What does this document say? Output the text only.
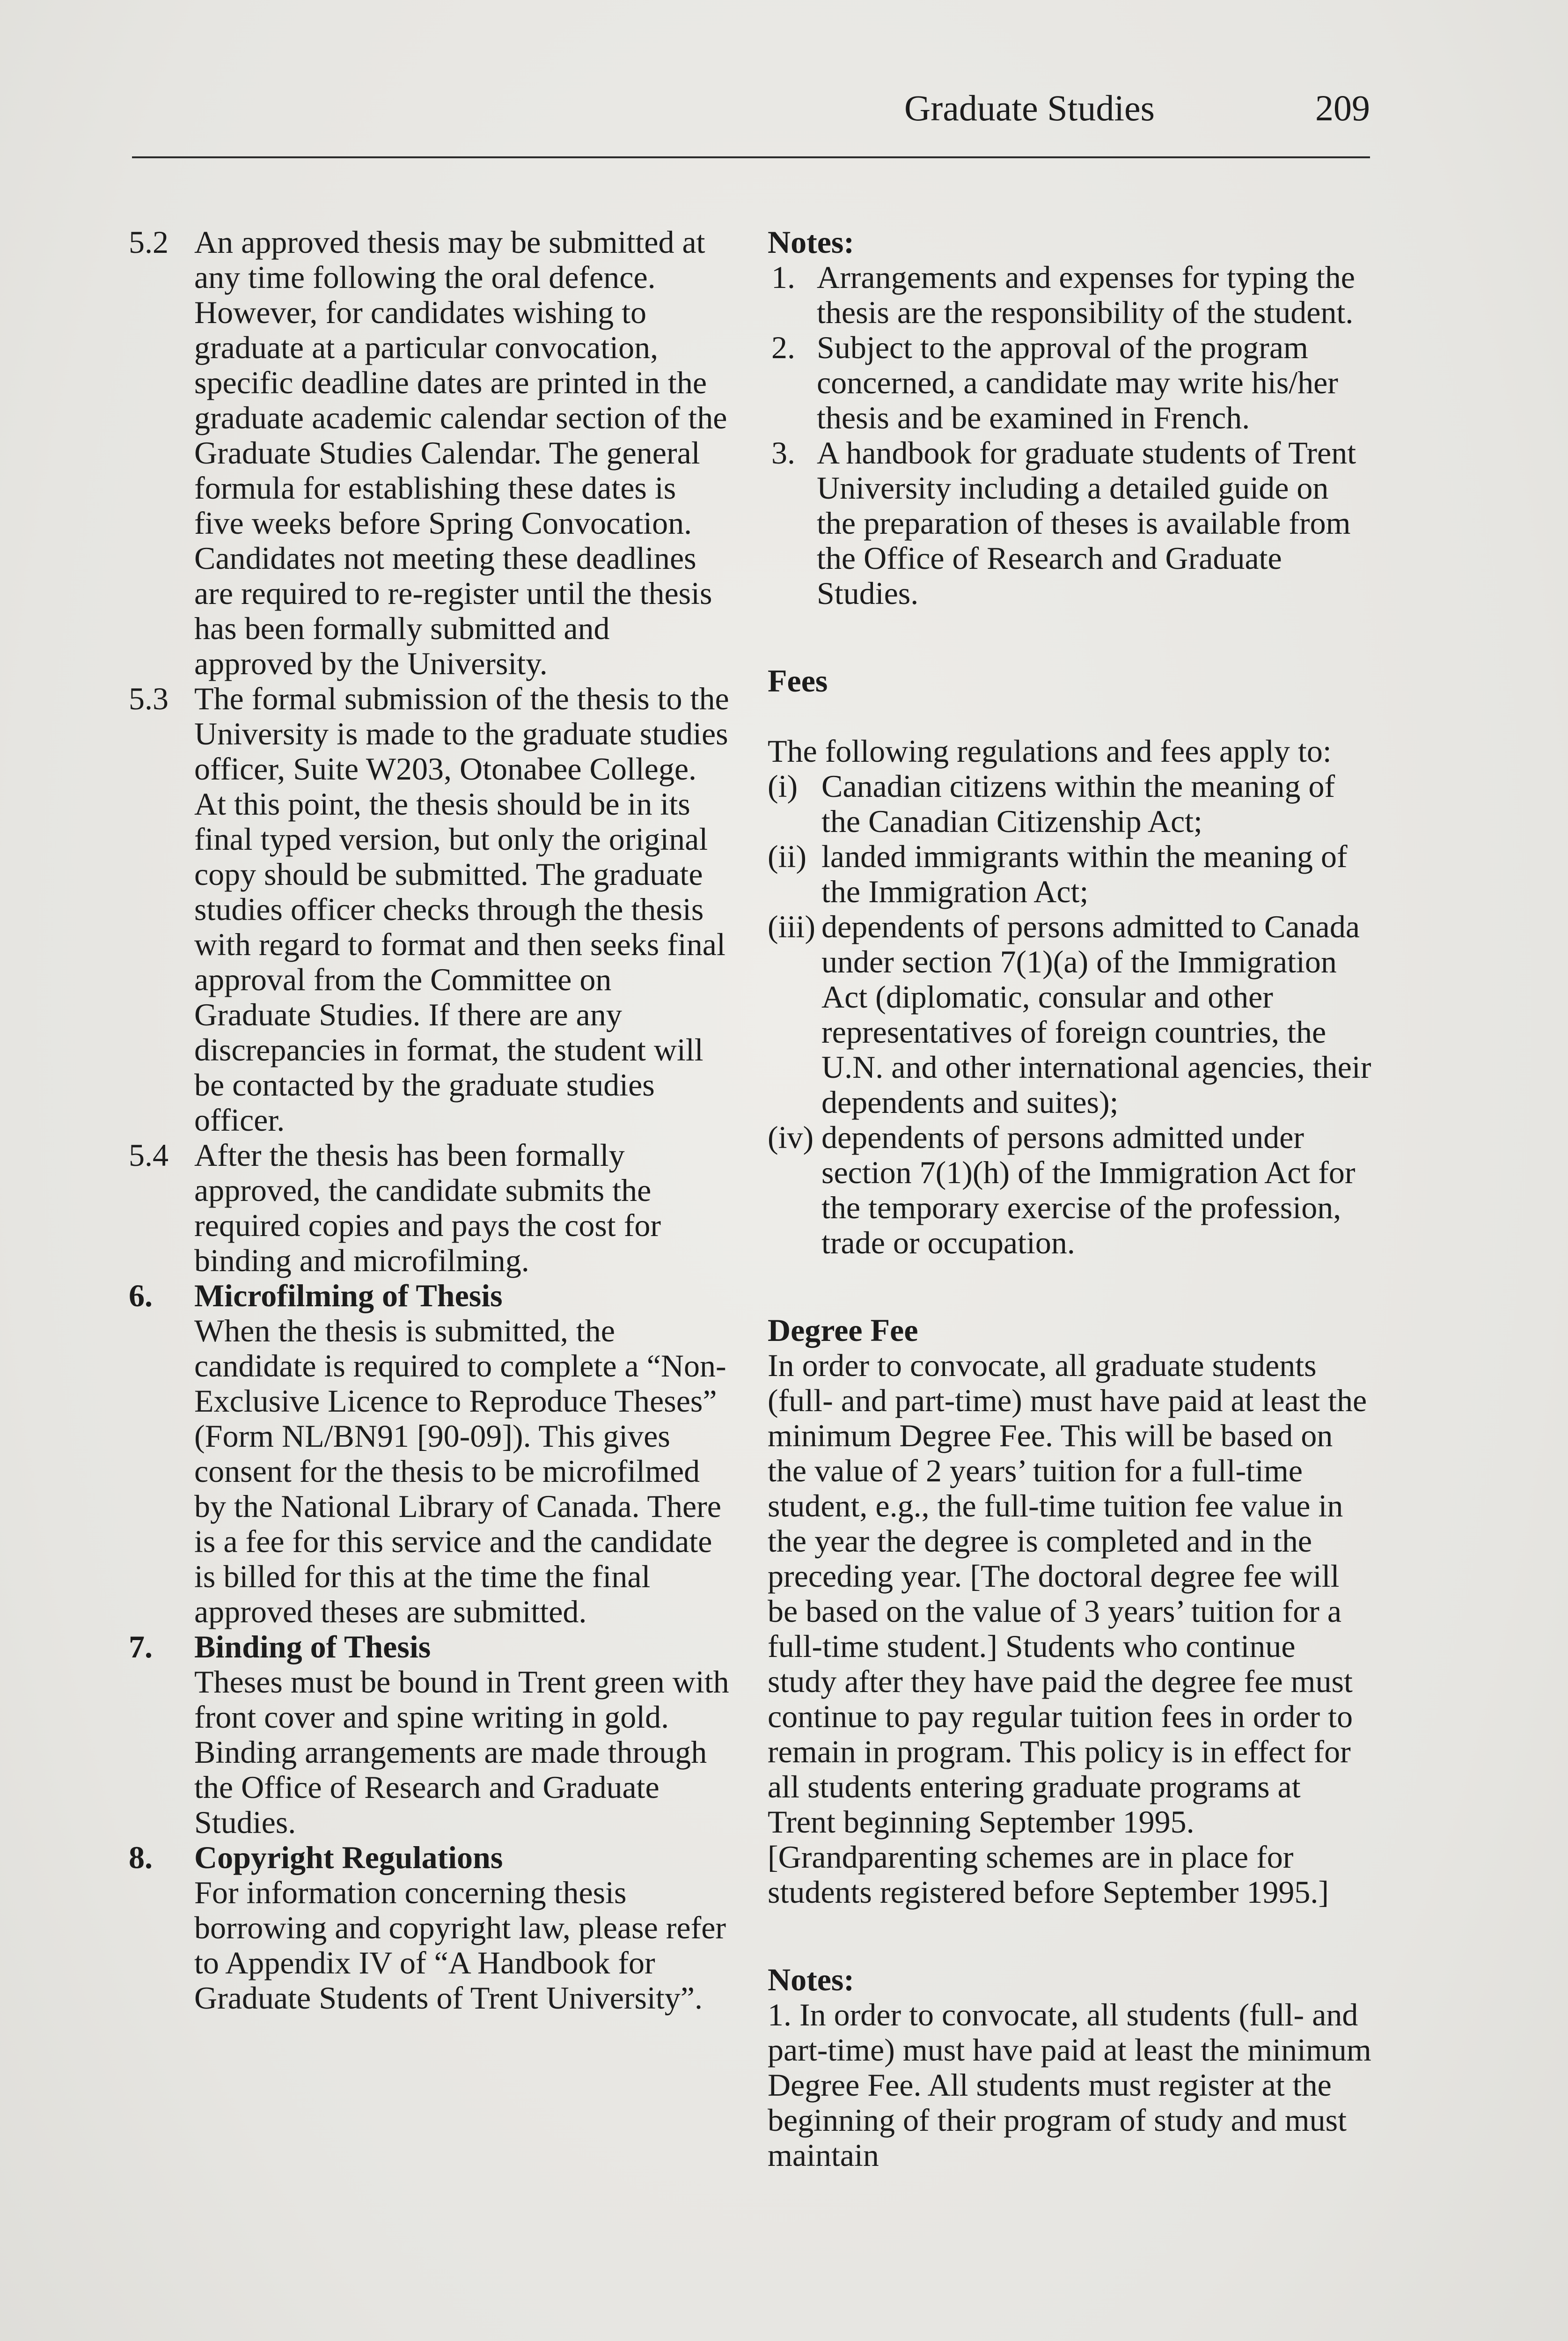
Graduate Studies	209
5.2 An approved thesis may be submitted at any time following the oral defence. However, for candidates wishing to graduate at a particular convocation, specific deadline dates are printed in the graduate academic calendar section of the Graduate Studies Calendar. The general formula for establishing these dates is five weeks before Spring Convocation. Candidates not meeting these deadlines are required to re-register until the thesis has been formally submitted and approved by the University.
5.3 The formal submission of the thesis to the University is made to the graduate studies officer, Suite W203, Otonabee College. At this point, the thesis should be in its final typed version, but only the original copy should be submitted. The graduate studies officer checks through the thesis with regard to format and then seeks final approval from the Committee on Graduate Studies. If there are any discrepancies in format, the student will be contacted by the graduate studies officer.
5.4 After the thesis has been formally approved, the candidate submits the required copies and pays the cost for binding and microfilming.
6. Microfilming of Thesis
When the thesis is submitted, the candidate is required to complete a “Non-Exclusive Licence to Reproduce Theses” (Form NL/BN91 [90-09]). This gives consent for the thesis to be microfilmed by the National Library of Canada. There is a fee for this service and the candidate is billed for this at the time the final approved theses are submitted.
7. Binding of Thesis
Theses must be bound in Trent green with front cover and spine writing in gold. Binding arrangements are made through the Office of Research and Graduate Studies.
8. Copyright Regulations
For information concerning thesis borrowing and copyright law, please refer to Appendix IV of “A Handbook for Graduate Students of Trent University”.
Notes:
1. Arrangements and expenses for typing the thesis are the responsibility of the student.
2. Subject to the approval of the program concerned, a candidate may write his/her thesis and be examined in French.
3. A handbook for graduate students of Trent University including a detailed guide on the preparation of theses is available from the Office of Research and Graduate Studies.
Fees
The following regulations and fees apply to:
(i) Canadian citizens within the meaning of the Canadian Citizenship Act;
(ii) landed immigrants within the meaning of the Immigration Act;
(iii) dependents of persons admitted to Canada under section 7(1)(a) of the Immigration Act (diplomatic, consular and other representatives of foreign countries, the U.N. and other international agencies, their dependents and suites);
(iv) dependents of persons admitted under section 7(1)(h) of the Immigration Act for the temporary exercise of the profession, trade or occupation.
Degree Fee
In order to convocate, all graduate students (full- and part-time) must have paid at least the minimum Degree Fee. This will be based on the value of 2 years’ tuition for a full-time student, e.g., the full-time tuition fee value in the year the degree is completed and in the preceding year. [The doctoral degree fee will be based on the value of 3 years’ tuition for a full-time student.] Students who continue study after they have paid the degree fee must continue to pay regular tuition fees in order to remain in program. This policy is in effect for all students entering graduate programs at Trent beginning September 1995. [Grandparenting schemes are in place for students registered before September 1995.]
Notes:
1. In order to convocate, all students (full- and part-time) must have paid at least the minimum Degree Fee. All students must register at the beginning of their program of study and must maintain
